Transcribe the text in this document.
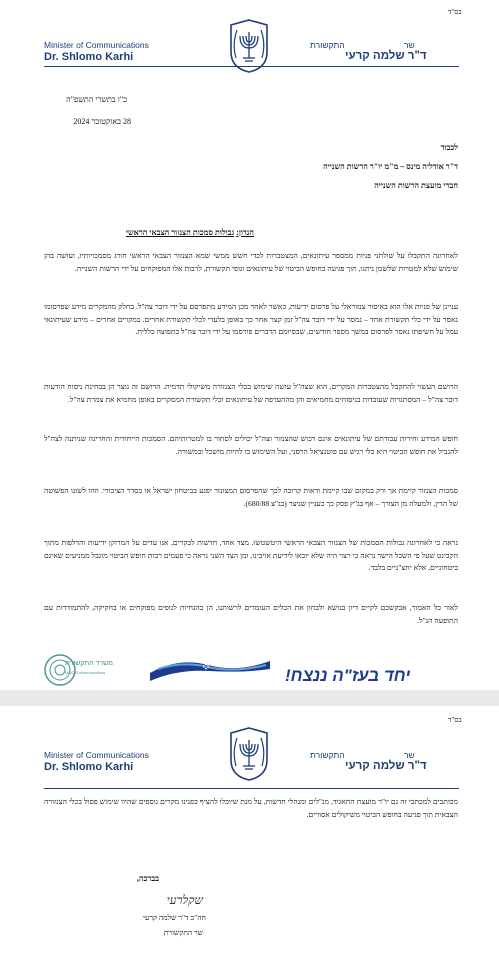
בס"ד
Minister of Communications
Dr. Shlomo Karhi
שר
התקשורת
ד"ר שלמה קרעי
כ"ו בתשרי התשפ"ה
28 באוקטובר 2024
לכבוד
ד"ר אודליה מינס – מ"מ יו"ר הרשות השנייה
חברי מועצת הרשות השנייה
הנדון: גבולות סמכות הצנזור הצבאי הראשי
לאחרונה התקבלו על שולחני פניות ממספר עיתונאים, המצטברות לכדי חשש ממשי שמא הצנזור הצבאי הראשי חורג מסמכויותיו, ועושה בהן שימוש שלא למטרות שלשמן ניתנו, תוך פגיעה בחופש הביטוי של עיתונאים וגופי תקשורת, לרבות אלו המפוקחים על ידי הרשות השנייה.
עניינן של פניות אלו הוא באיסור צנזוראלי על פרסום ידיעות, כאשר לאחר מכן המידע מתפרסם על ידי דובר צה"ל. בחלק מהמקרים מידע שפרסומו נאסר על ידי כלי תקשורת אחד – נמסר על ידי דובר צה"ל זמן קצר אחר כך באופן בלעדי לכלי תקשורת אחרים. במקרים אחרים – מידע שעיתונאי עמל על חשיפתו נאסר לפרסום במשך מספר חודשים, שבסיומם הדברים פורסמו על ידי דובר צה"ל בתפוצה כללית.
הרושם העשוי להתקבל מהצטברות המקרים, הוא שצה"ל עושה שימוש בכלי הצנזורה משיקולי תדמית. הרושם זה נוצר הן בבחינת ניסוח הודעות דובר צה"ל – המסתגרות שעובדות בניסוחים מחמיאים והן מההעדפה של עיתונאים וכלי תקשורת המסקרים באופן מחמיא את צמרת צה"ל.
חופש המידע וחירות עבודתם של עיתונאים אינם רכוש שהצנזור וצה"ל יכולים לסחור בו למטרותיהם. הסמכות הייחודית והחריגה שניתנה לצה"ל להגביל את חופש הביטוי היא כלי רגיש עם פוטנציאל הרסני, ועל השימוש בו להיות מושכל ובמשורה.
סמכות הצנזור קיימת אך ורק במקום שבו קיימת ודאות קרובה לכך שהפרסום המצונזר יפגע בביטחון ישראל או בסדר הציבורי. וזהו לשונו הפשוטה של הדין, ולמעלה מן הצורך – אף בג"ץ פסק כך בעניין שניצר (בג"צ 680/88).
נראה כי לאחרונה גבולות הסמכות של הצנזור הצבאי הראשי היטשטשו. מצד אחד, חדשות לבקרים, אנו עדים על המרוקן ידיעות והדלפות מתוך הקבינט שעל פי השכל הישר נראה כי רצוי היה שלא יובאו לידיעת אויבינו, ומן הצד השני נראה כי פעמים רבות חופש הביטוי מוגבל ממניעים שאינם ביטחוניים, אלא יחצ"ניים בלבד.
לאור כל האמור, אבקשכם לקיים דיון בנושא ולבחון את הכלים העומדים לרשותנו, הן בהנחיות לגופים מפוקחים או בחקיקה, להתמודדות עם התופעה הנ"ל.
משרד התקשורת
MOC Communications	יחד בעז"ה ננצח!
בס"ד
Minister of Communications
Dr. Shlomo Karhi
שר
התקשורת
ד"ר שלמה קרעי
מכותבים למכתבי זה גם יו"ר מועצת התאגיד, מנ"לים ומנהלי חדשות, על מנת שיוכלו להציף בפנינו מקרים נוספים שהיוו שימוש פסול בכלי הצנזורה הצבאית תוך פגיעה בחופש הביטוי משיקולים אסורים.
בברכה,
שקלרעי
חה"כ ד"ר שלמה קרעי
שר התקשורת
